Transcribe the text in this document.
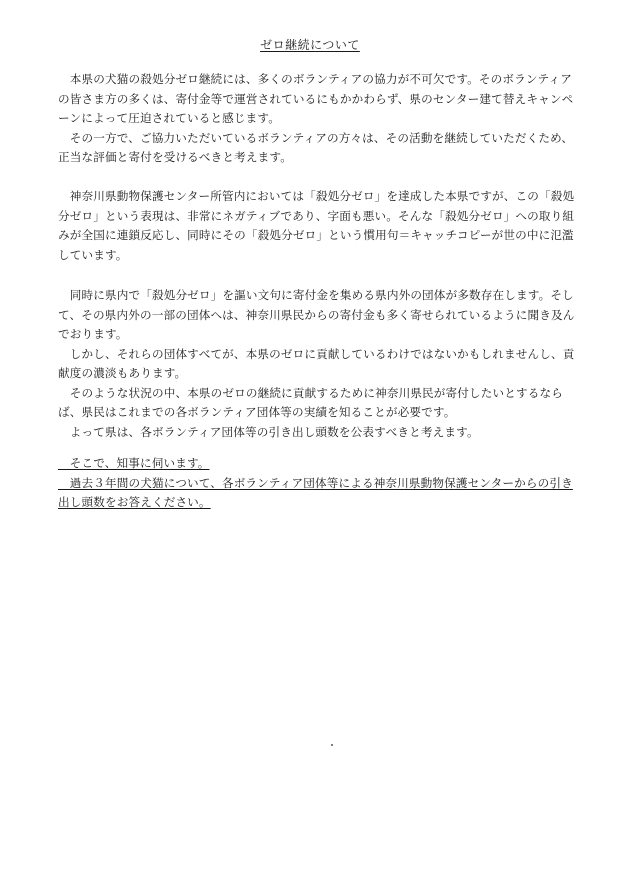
ゼロ継続について

　本県の犬猫の殺処分ゼロ継続には、多くのボランティアの協力が不可欠です。そのボランティアの皆さま方の多くは、寄付金等で運営されているにもかかわらず、県のセンター建て替えキャンペーンによって圧迫されていると感じます。

　その一方で、ご協力いただいているボランティアの方々は、その活動を継続していただくため、正当な評価と寄付を受けるべきと考えます。

　神奈川県動物保護センター所管内においては「殺処分ゼロ」を達成した本県ですが、この「殺処分ゼロ」という表現は、非常にネガティブであり、字面も悪い。そんな「殺処分ゼロ」への取り組みが全国に連鎖反応し、同時にその「殺処分ゼロ」という慣用句＝キャッチコピーが世の中に氾濫しています。

　同時に県内で「殺処分ゼロ」を謳い文句に寄付金を集める県内外の団体が多数存在します。そして、その県内外の一部の団体へは、神奈川県民からの寄付金も多く寄せられているように聞き及んでおります。

　しかし、それらの団体すべてが、本県のゼロに貢献しているわけではないかもしれませんし、貢献度の濃淡もあります。

　そのような状況の中、本県のゼロの継続に貢献するために神奈川県民が寄付したいとするならば、県民はこれまでの各ボランティア団体等の実績を知ることが必要です。

　よって県は、各ボランティア団体等の引き出し頭数を公表すべきと考えます。

　そこで、知事に伺います。

　過去３年間の犬猫について、各ボランティア団体等による神奈川県動物保護センターからの引き出し頭数をお答えください。
